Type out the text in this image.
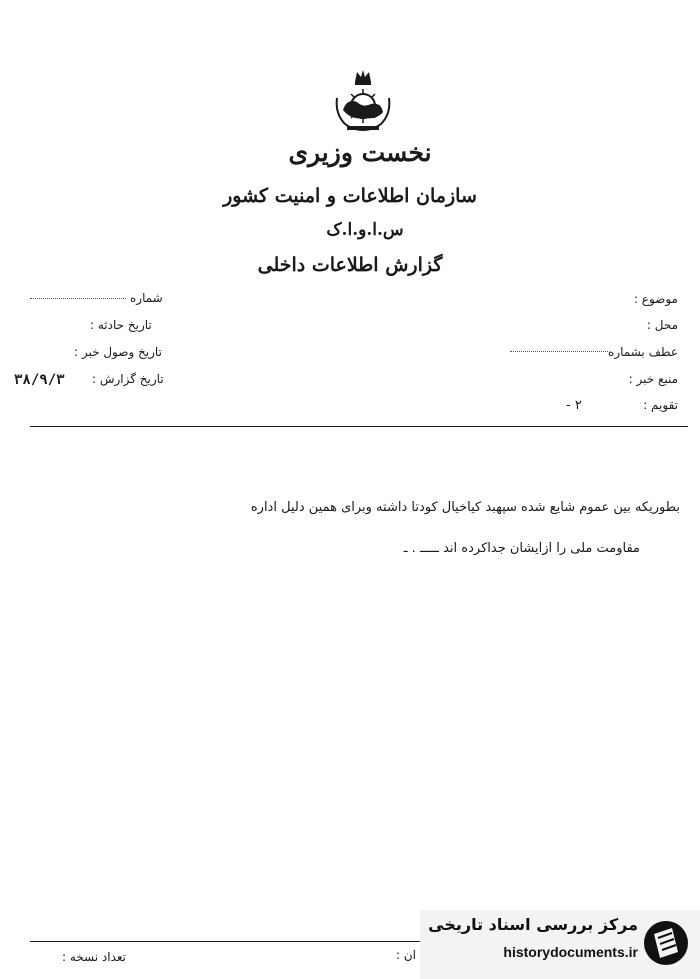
نخست وزیری
سازمان اطلاعات و امنیت کشور
س.ا.و.ا.ک
گزارش اطلاعات داخلی
موضوع :
محل :
عطف بشماره
منبع خبر :
۲ -	تقویم :
شماره
تاریخ حادثه :
تاریخ وصول خبر :
تاریخ گزارش :
۳۸/۹/۳
بطوریکه بین عموم شایع شده سپهبد کیاخیال کودتا داشته وبرای همین دلیل اداره
مقاومت ملی را ازایشان جداکرده اند ـــــ . ـ
تعداد نسخه :	ان :
مرکز بررسی اسناد تاریخی
historydocuments.ir
